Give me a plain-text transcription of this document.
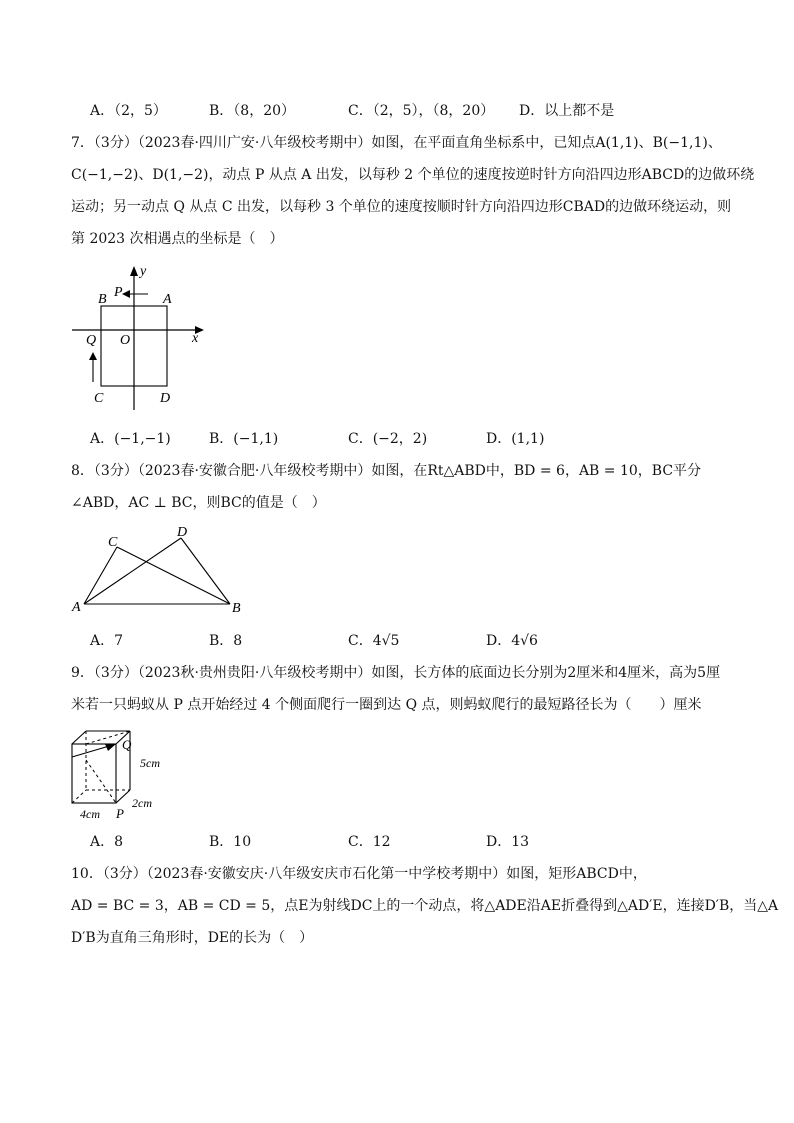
A．（2，5）	B．（8，20）	C．（2，5），（8，20） D．以上都不是
7．（3分）（2023春·四川广安·八年级校考期中）如图，在平面直角坐标系中，已知点A(1,1)、B(−1,1)、
C(−1,−2)、D(1,−2)，动点 P 从点 A 出发，以每秒 2 个单位的速度按逆时针方向沿四边形ABCD的边做环绕
运动；另一动点 Q 从点 C 出发，以每秒 3 个单位的速度按顺时针方向沿四边形CBAD的边做环绕运动，则
第 2023 次相遇点的坐标是（　）
y
x
P
B	A
Q O
C	D
A．(−1,−1)	B．(−1,1)	C．(−2，2)	D．(1,1)
8．（3分）（2023春·安徽合肥·八年级校考期中）如图，在Rt△ABD中，BD = 6，AB = 10，BC平分
∠ABD，AC ⊥ BC，则BC的值是（　）
C
D
A	B
A．7	B．8	C．4√5	D．4√6
9．（3分）（2023秋·贵州贵阳·八年级校考期中）如图，长方体的底面边长分别为2厘米和4厘米，高为5厘
米若一只蚂蚁从 P 点开始经过 4 个侧面爬行一圈到达 Q 点，则蚂蚁爬行的最短路径长为（　　）厘米
Q
5cm
2cm
4cm P
A．8	B．10	C．12	D．13
10．（3分）（2023春·安徽安庆·八年级安庆市石化第一中学校考期中）如图，矩形ABCD中，
AD = BC = 3，AB = CD = 5，点E为射线DC上的一个动点，将△ADE沿AE折叠得到△AD′E，连接D′B，当△A
D′B为直角三角形时，DE的长为（　）
